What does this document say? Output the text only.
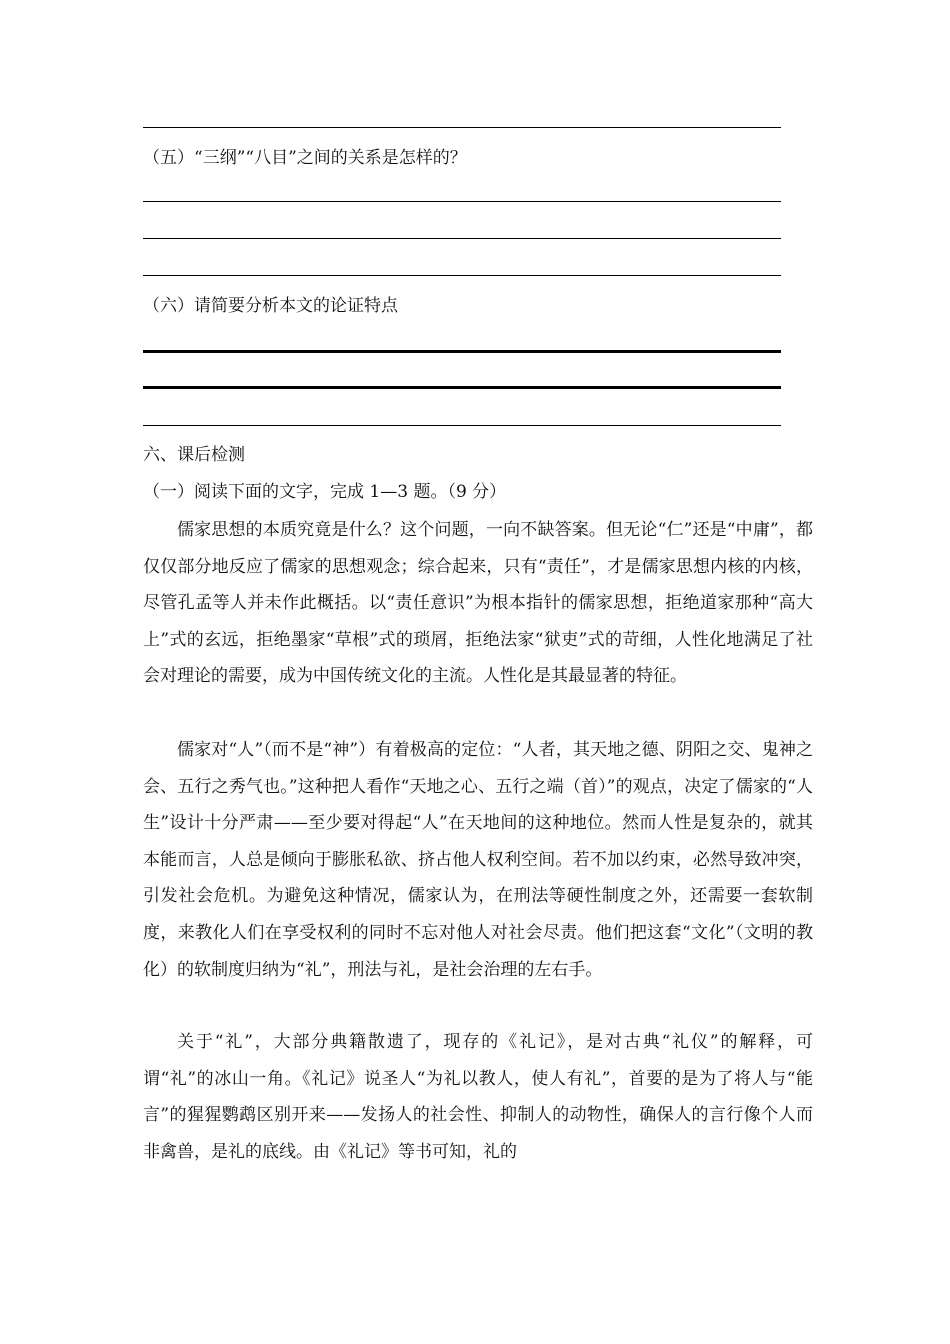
（五）“三纲”“八目”之间的关系是怎样的？
（六）请简要分析本文的论证特点
六、课后检测
（一）阅读下面的文字，完成 1—3 题。（9 分）

儒家思想的本质究竟是什么？这个问题，一向不缺答案。但无论“仁”还是“中庸”，都仅仅部分地反应了儒家的思想观念；综合起来，只有“责任”，才是儒家思想内核的内核，尽管孔孟等人并未作此概括。以“责任意识”为根本指针的儒家思想，拒绝道家那种“高大上”式的玄远，拒绝墨家“草根”式的琐屑，拒绝法家“狱吏”式的苛细，人性化地满足了社会对理论的需要，成为中国传统文化的主流。人性化是其最显著的特征。

儒家对“人”（而不是“神”）有着极高的定位：“人者，其天地之德、阴阳之交、鬼神之会、五行之秀气也。”这种把人看作“天地之心、五行之端（首）”的观点，决定了儒家的“人生”设计十分严肃——至少要对得起“人”在天地间的这种地位。然而人性是复杂的，就其本能而言，人总是倾向于膨胀私欲、挤占他人权利空间。若不加以约束，必然导致冲突，引发社会危机。为避免这种情况，儒家认为，在刑法等硬性制度之外，还需要一套软制度，来教化人们在享受权利的同时不忘对他人对社会尽责。他们把这套“文化”（文明的教化）的软制度归纳为“礼”，刑法与礼，是社会治理的左右手。

关于“礼”，大部分典籍散遗了，现存的《礼记》，是对古典“礼仪”的解释，可谓“礼”的冰山一角。《礼记》说圣人“为礼以教人，使人有礼”，首要的是为了将人与“能言”的猩猩鹦鹉区别开来——发扬人的社会性、抑制人的动物性，确保人的言行像个人而非禽兽，是礼的底线。由《礼记》等书可知，礼的
